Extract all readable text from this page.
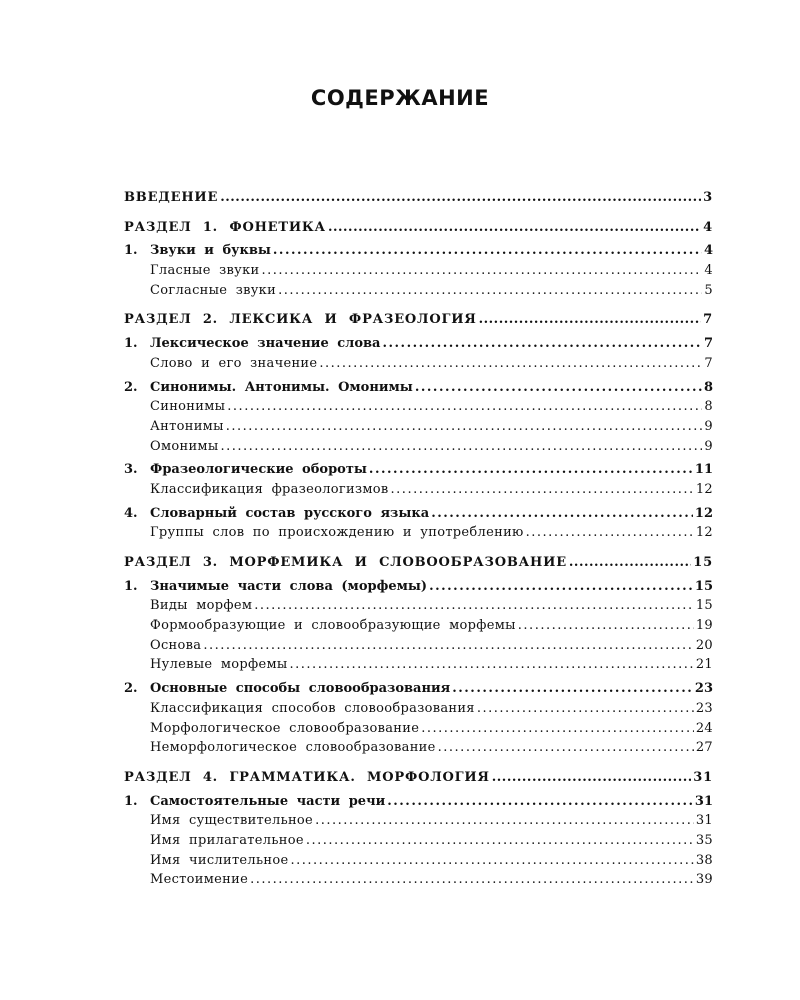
СОДЕРЖАНИЕ
ВВЕДЕНИЕ .....	3
РАЗДЕЛ 1. ФОНЕТИКА .....	4
1. Звуки и буквы .....	4
Гласные звуки .....	4
Согласные звуки .....	5
РАЗДЕЛ 2. ЛЕКСИКА И ФРАЗЕОЛОГИЯ .....	7
1. Лексическое значение слова .....	7
Слово и его значение .....	7
2. Синонимы. Антонимы. Омонимы .....	8
Синонимы .....	8
Антонимы .....	9
Омонимы .....	9
3. Фразеологические обороты .....	11
Классификация фразеологизмов .....	12
4. Словарный состав русского языка .....	12
Группы слов по происхождению и употреблению .....	12
РАЗДЕЛ 3. МОРФЕМИКА И СЛОВООБРАЗОВАНИЕ .....	15
1. Значимые части слова (морфемы) .....	15
Виды морфем .....	15
Формообразующие и словообразующие морфемы .....	19
Основа .....	20
Нулевые морфемы .....	21
2. Основные способы словообразования .....	23
Классификация способов словообразования .....	23
Морфологическое словообразование .....	24
Неморфологическое словообразование .....	27
РАЗДЕЛ 4. ГРАММАТИКА. МОРФОЛОГИЯ .....	31
1. Самостоятельные части речи .....	31
Имя существительное .....	31
Имя прилагательное .....	35
Имя числительное .....	38
Местоимение .....	39
